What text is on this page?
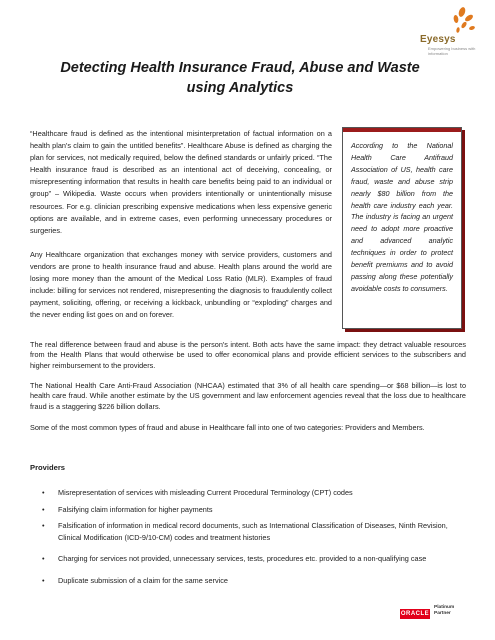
Eyesys
Empowering business with information
Detecting Health Insurance Fraud, Abuse and Waste using Analytics

“Healthcare fraud is defined as the intentional misinterpretation of factual information on a health plan's claim to gain the untitled benefits”. Healthcare Abuse is defined as charging the plan for services, not medically required, below the defined standards or unfairly priced. “The Health insurance fraud is described as an intentional act of deceiving, concealing, or misrepresenting information that results in health care benefits being paid to an individual or group” – Wikipedia. Waste occurs when providers intentionally or unintentionally misuse resources. For e.g. clinician prescribing expensive medications when less expensive generic options are available, and in extreme cases, even performing unnecessary procedures or surgeries.

Any Healthcare organization that exchanges money with service providers, customers and vendors are prone to health insurance fraud and abuse. Health plans around the world are losing more money than the amount of the Medical Loss Ratio (MLR). Examples of fraud include: billing for services not rendered, misrepresenting the diagnosis to fraudulently collect payment, soliciting, offering, or receiving a kickback, unbundling or “exploding” charges and the never ending list goes on and on forever.

According to the National Health Care Antifraud Association of US, health care fraud, waste and abuse strip nearly $80 billion from the health care industry each year. The industry is facing an urgent need to adopt more proactive and advanced analytic techniques in order to protect benefit premiums and to avoid passing along these potentially avoidable costs to consumers.

The real difference between fraud and abuse is the person's intent. Both acts have the same impact: they detract valuable resources from the Health Plans that would otherwise be used to offer economical plans and provide efficient services to the subscribers and higher reimbursement to the providers.

The National Health Care Anti-Fraud Association (NHCAA) estimated that 3% of all health care spending—or $68 billion—is lost to health care fraud. While another estimate by the US government and law enforcement agencies reveal that the loss due to healthcare fraud is a staggering $226 billion dollars.

Some of the most common types of fraud and abuse in Healthcare fall into one of two categories: Providers and Members.

Providers
• Misrepresentation of services with misleading Current Procedural Terminology (CPT) codes
• Falsifying claim information for higher payments
• Falsification of information in medical record documents, such as International Classification of Diseases, Ninth Revision, Clinical Modification (ICD-9/10-CM) codes and treatment histories
• Charging for services not provided, unnecessary services, tests, procedures etc. provided to a non-qualifying case
• Duplicate submission of a claim for the same service
ORACLE
Platinum
Partner
